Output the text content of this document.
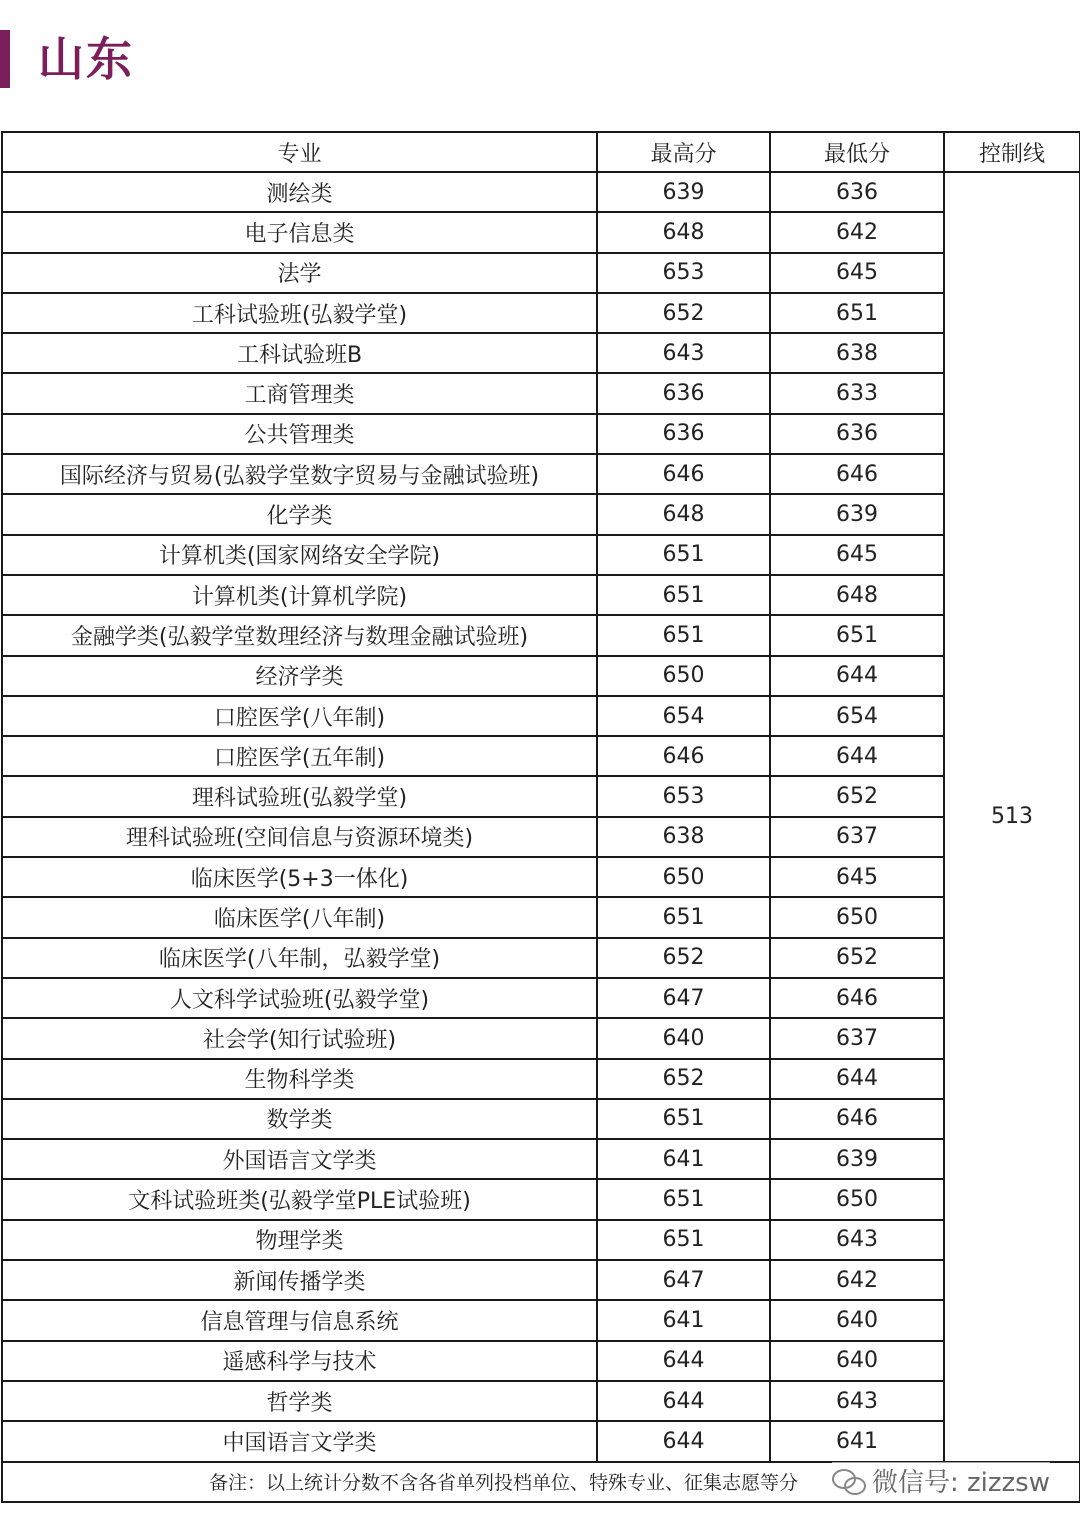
山东
专业	最高分	最低分	控制线
测绘类	639	636	513
电子信息类	648	642	
法学	653	645	
工科试验班(弘毅学堂)	652	651	
工科试验班B	643	638	
工商管理类	636	633	
公共管理类	636	636	
国际经济与贸易(弘毅学堂数字贸易与金融试验班)	646	646	
化学类	648	639	
计算机类(国家网络安全学院)	651	645	
计算机类(计算机学院)	651	648	
金融学类(弘毅学堂数理经济与数理金融试验班)	651	651	
经济学类	650	644	
口腔医学(八年制)	654	654	
口腔医学(五年制)	646	644	
理科试验班(弘毅学堂)	653	652	
理科试验班(空间信息与资源环境类)	638	637	
临床医学(5+3一体化)	650	645	
临床医学(八年制)	651	650	
临床医学(八年制，弘毅学堂)	652	652	
人文科学试验班(弘毅学堂)	647	646	
社会学(知行试验班)	640	637	
生物科学类	652	644	
数学类	651	646	
外国语言文学类	641	639	
文科试验班类(弘毅学堂PLE试验班)	651	650	
物理学类	651	643	
新闻传播学类	647	642	
信息管理与信息系统	641	640	
遥感科学与技术	644	640	
哲学类	644	643	
中国语言文学类	644	641	
备注：以上统计分数不含各省单列投档单位、特殊专业、征集志愿等分				微信号: zizzsw
